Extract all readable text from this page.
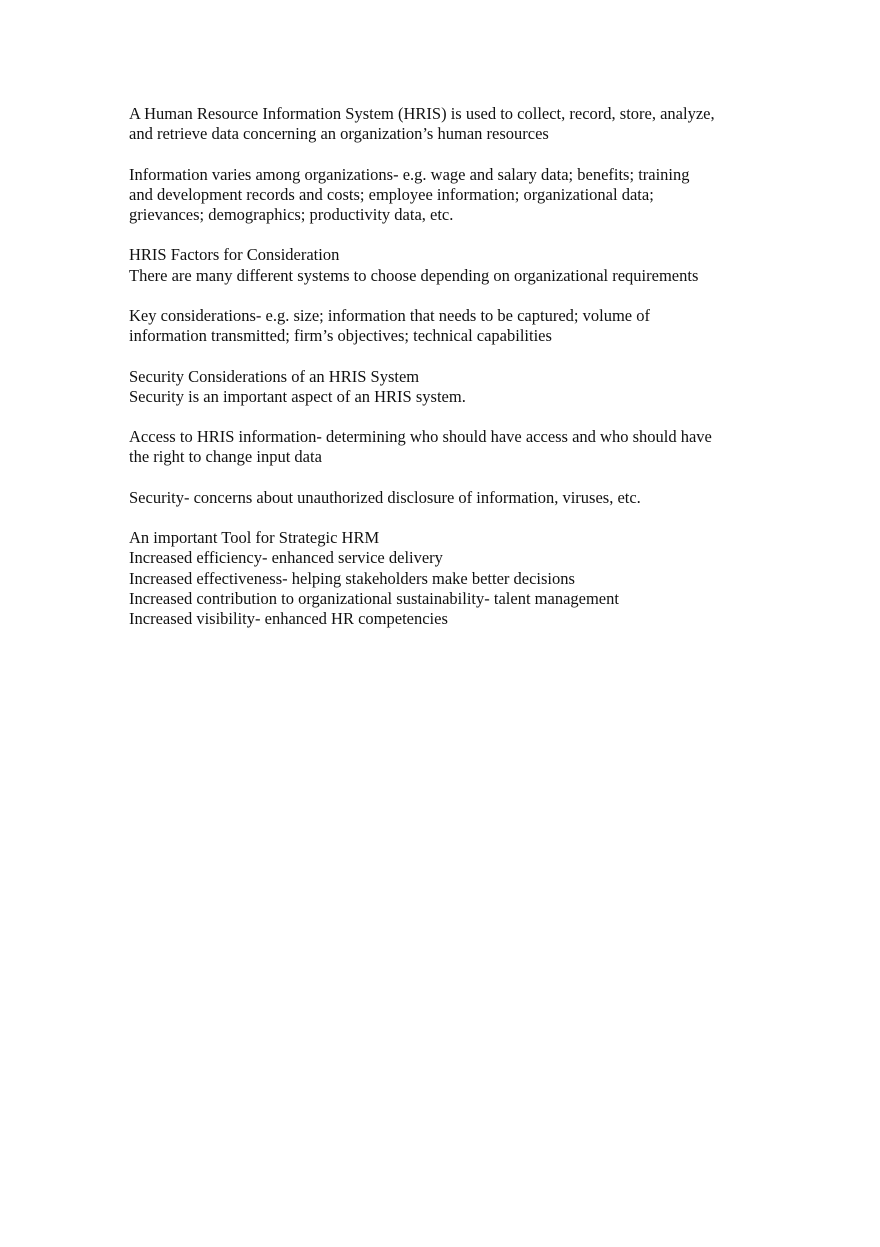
A Human Resource Information System (HRIS) is used to collect, record, store, analyze,
and retrieve data concerning an organization’s human resources

Information varies among organizations- e.g. wage and salary data; benefits; training
and development records and costs; employee information; organizational data;
grievances; demographics; productivity data, etc.

HRIS Factors for Consideration
There are many different systems to choose depending on organizational requirements

Key considerations- e.g. size; information that needs to be captured; volume of
information transmitted; firm’s objectives; technical capabilities

Security Considerations of an HRIS System
Security is an important aspect of an HRIS system.

Access to HRIS information- determining who should have access and who should have
the right to change input data

Security- concerns about unauthorized disclosure of information, viruses, etc.

An important Tool for Strategic HRM
Increased efficiency- enhanced service delivery
Increased effectiveness- helping stakeholders make better decisions
Increased contribution to organizational sustainability- talent management
Increased visibility- enhanced HR competencies
